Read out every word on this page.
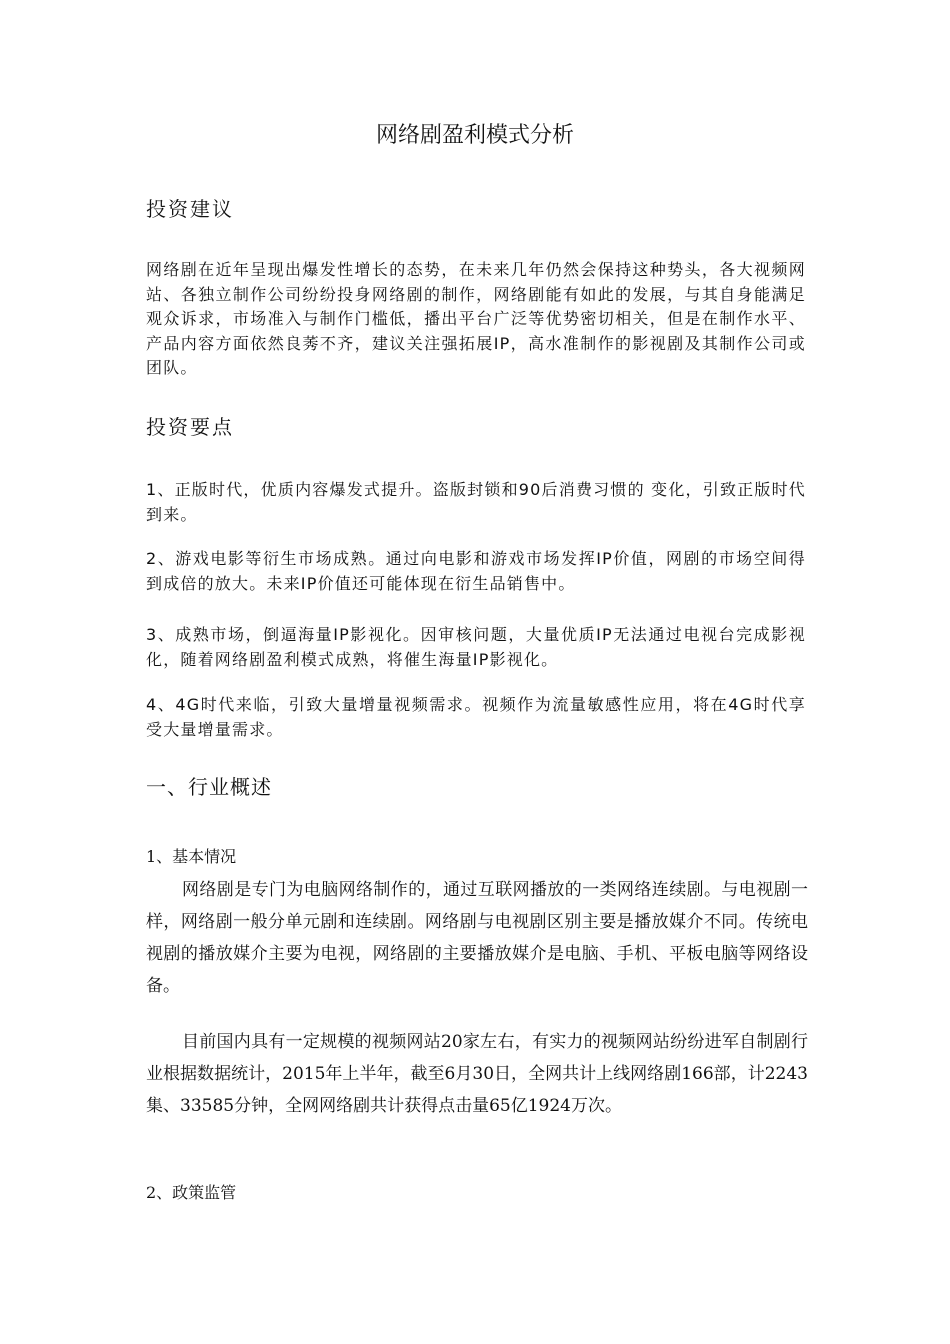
网络剧盈利模式分析
投资建议

网络剧在近年呈现出爆发性增长的态势，在未来几年仍然会保持这种势头，各大视频网站、各独立制作公司纷纷投身网络剧的制作，网络剧能有如此的发展，与其自身能满足观众诉求，市场准入与制作门槛低，播出平台广泛等优势密切相关，但是在制作水平、产品内容方面依然良莠不齐，建议关注强拓展IP，高水准制作的影视剧及其制作公司或团队。

投资要点

1、正版时代，优质内容爆发式提升。盗版封锁和90后消费习惯的 变化，引致正版时代到来。

2、游戏电影等衍生市场成熟。通过向电影和游戏市场发挥IP价值，网剧的市场空间得到成倍的放大。未来IP价值还可能体现在衍生品销售中。

3、成熟市场，倒逼海量IP影视化。因审核问题，大量优质IP无法通过电视台完成影视化，随着网络剧盈利模式成熟，将催生海量IP影视化。

4、4G时代来临，引致大量增量视频需求。视频作为流量敏感性应用，将在4G时代享受大量增量需求。

一、行业概述
1、基本情况

网络剧是专门为电脑网络制作的，通过互联网播放的一类网络连续剧。与电视剧一样，网络剧一般分单元剧和连续剧。网络剧与电视剧区别主要是播放媒介不同。传统电视剧的播放媒介主要为电视，网络剧的主要播放媒介是电脑、手机、平板电脑等网络设备。

目前国内具有一定规模的视频网站20家左右，有实力的视频网站纷纷进军自制剧行业根据数据统计，2015年上半年，截至6月30日，全网共计上线网络剧166部，计2243集、33585分钟，全网网络剧共计获得点击量65亿1924万次。

2、政策监管
